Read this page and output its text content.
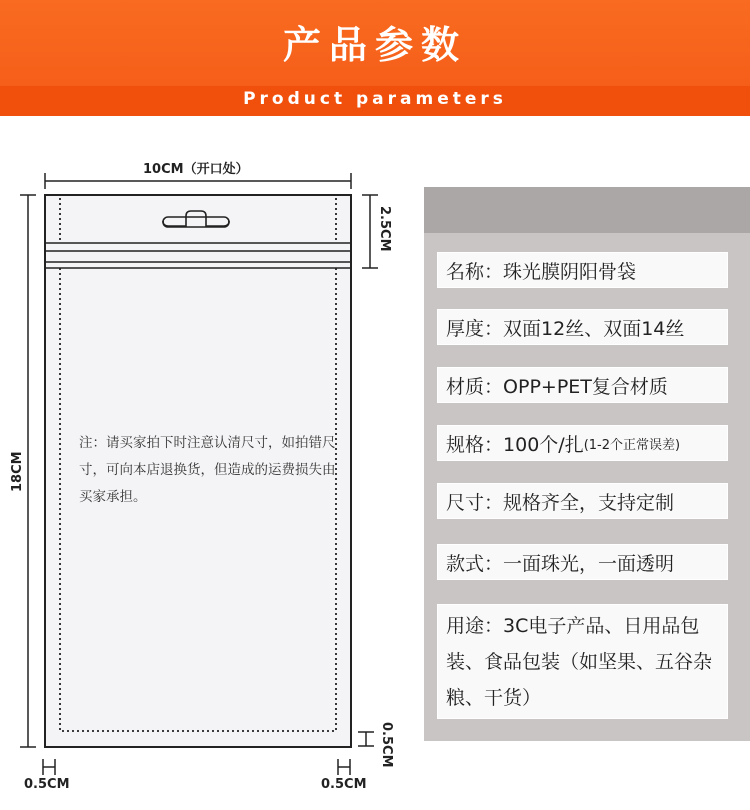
产品参数
Product parameters
10CM（开口处）
18CM
2.5CM
0.5CM
0.5CM	0.5CM
注：请买家拍下时注意认清尺寸，如拍错尺寸，可向本店退换货，但造成的运费损失由买家承担。
名称 ： 珠光膜阴阳骨袋
厚度 ： 双面12丝、双面14丝
材质 ： OPP+PET复合材质
规格 ： 100个/扎 (1-2个正常误差)
尺寸 ： 规格齐全，支持定制
款式 ： 一面珠光，一面透明
用途：3C电子产品、日用品包装、食品包装（如坚果、五谷杂粮、干货）
